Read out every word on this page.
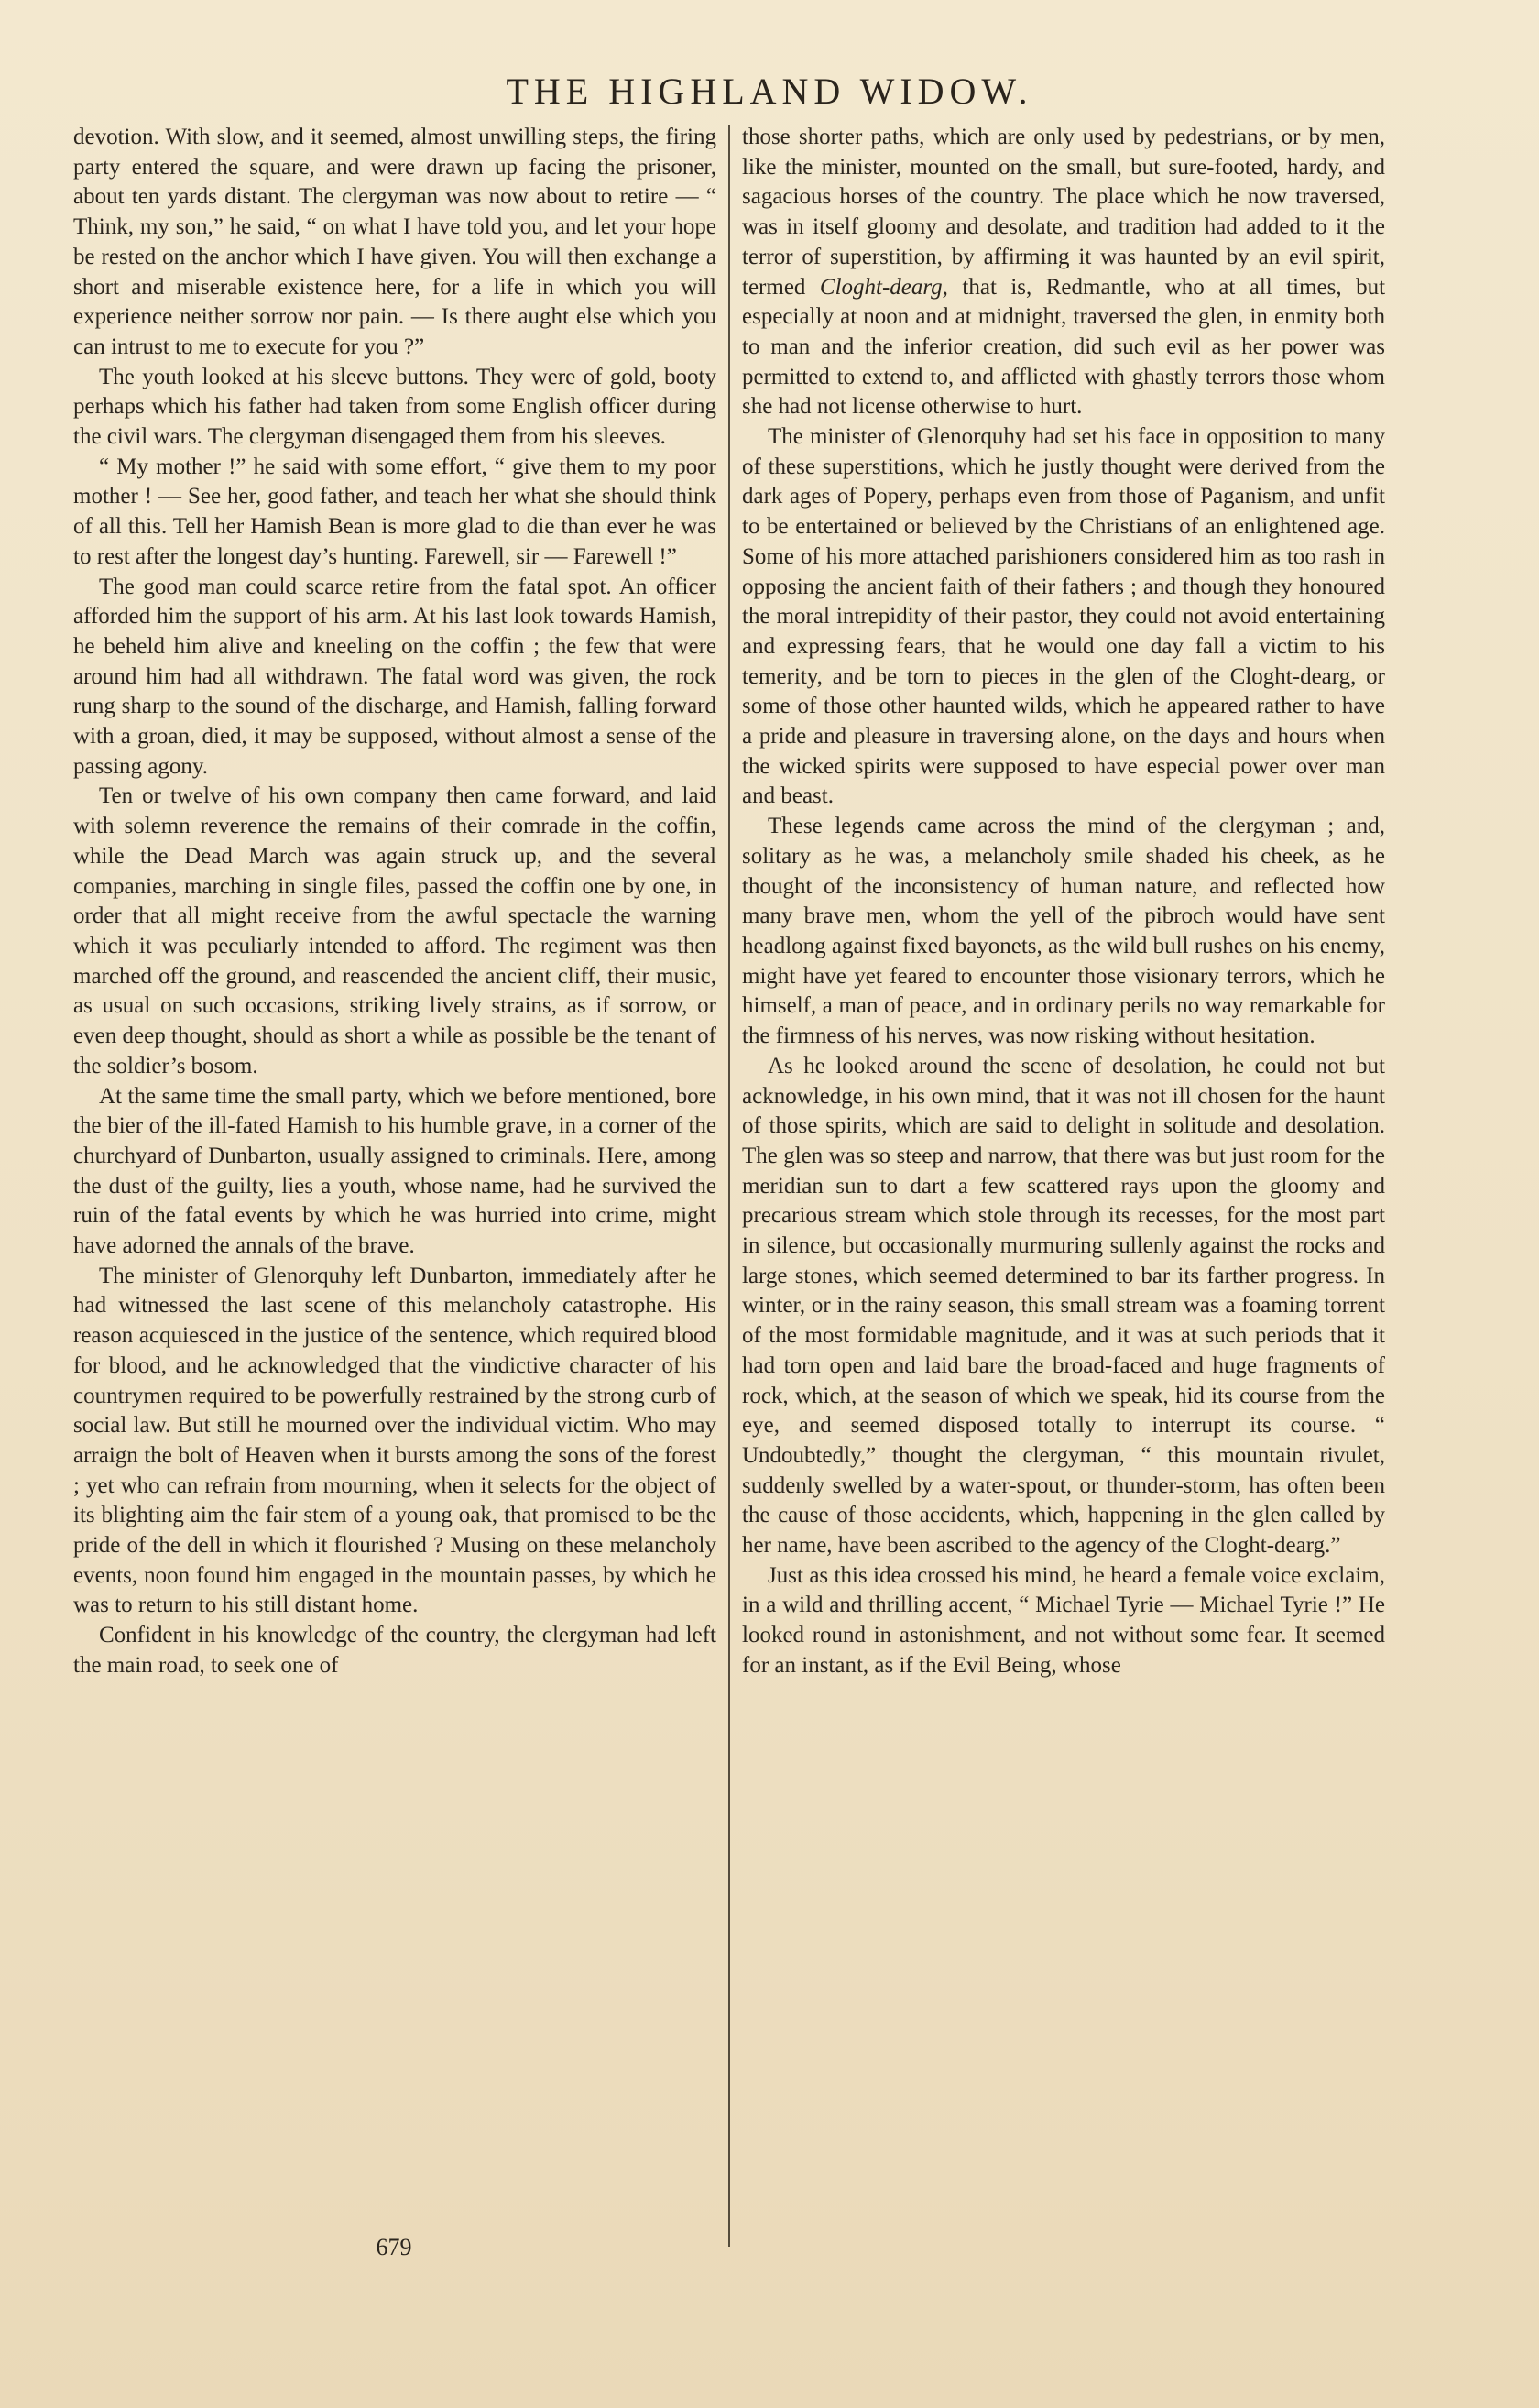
THE HIGHLAND WIDOW.

devotion. With slow, and it seemed, almost unwilling steps, the firing party entered the square, and were drawn up facing the prisoner, about ten yards distant. The clergyman was now about to retire — “ Think, my son,” he said, “ on what I have told you, and let your hope be rested on the anchor which I have given. You will then exchange a short and miserable existence here, for a life in which you will experience neither sorrow nor pain. — Is there aught else which you can intrust to me to execute for you ?”

The youth looked at his sleeve buttons. They were of gold, booty perhaps which his father had taken from some English officer during the civil wars. The clergyman disengaged them from his sleeves.

“ My mother !” he said with some effort, “ give them to my poor mother ! — See her, good father, and teach her what she should think of all this. Tell her Hamish Bean is more glad to die than ever he was to rest after the longest day’s hunting. Farewell, sir — Farewell !”

The good man could scarce retire from the fatal spot. An officer afforded him the support of his arm. At his last look towards Hamish, he beheld him alive and kneeling on the coffin ; the few that were around him had all withdrawn. The fatal word was given, the rock rung sharp to the sound of the discharge, and Hamish, falling forward with a groan, died, it may be supposed, without almost a sense of the passing agony.

Ten or twelve of his own company then came forward, and laid with solemn reverence the remains of their comrade in the coffin, while the Dead March was again struck up, and the several companies, marching in single files, passed the coffin one by one, in order that all might receive from the awful spectacle the warning which it was peculiarly intended to afford. The regiment was then marched off the ground, and reascended the ancient cliff, their music, as usual on such occasions, striking lively strains, as if sorrow, or even deep thought, should as short a while as possible be the tenant of the soldier’s bosom.

At the same time the small party, which we before mentioned, bore the bier of the ill-fated Hamish to his humble grave, in a corner of the churchyard of Dunbarton, usually assigned to criminals. Here, among the dust of the guilty, lies a youth, whose name, had he survived the ruin of the fatal events by which he was hurried into crime, might have adorned the annals of the brave.

The minister of Glenorquhy left Dunbarton, immediately after he had witnessed the last scene of this melancholy catastrophe. His reason acquiesced in the justice of the sentence, which required blood for blood, and he acknowledged that the vindictive character of his countrymen required to be powerfully restrained by the strong curb of social law. But still he mourned over the individual victim. Who may arraign the bolt of Heaven when it bursts among the sons of the forest ; yet who can refrain from mourning, when it selects for the object of its blighting aim the fair stem of a young oak, that promised to be the pride of the dell in which it flourished ? Musing on these melancholy events, noon found him engaged in the mountain passes, by which he was to return to his still distant home.

Confident in his knowledge of the country, the clergyman had left the main road, to seek one of

those shorter paths, which are only used by pedestrians, or by men, like the minister, mounted on the small, but sure-footed, hardy, and sagacious horses of the country. The place which he now traversed, was in itself gloomy and desolate, and tradition had added to it the terror of superstition, by affirming it was haunted by an evil spirit, termed Cloght-dearg, that is, Redmantle, who at all times, but especially at noon and at midnight, traversed the glen, in enmity both to man and the inferior creation, did such evil as her power was permitted to extend to, and afflicted with ghastly terrors those whom she had not license otherwise to hurt.

The minister of Glenorquhy had set his face in opposition to many of these superstitions, which he justly thought were derived from the dark ages of Popery, perhaps even from those of Paganism, and unfit to be entertained or believed by the Christians of an enlightened age. Some of his more attached parishioners considered him as too rash in opposing the ancient faith of their fathers ; and though they honoured the moral intrepidity of their pastor, they could not avoid entertaining and expressing fears, that he would one day fall a victim to his temerity, and be torn to pieces in the glen of the Cloght-dearg, or some of those other haunted wilds, which he appeared rather to have a pride and pleasure in traversing alone, on the days and hours when the wicked spirits were supposed to have especial power over man and beast.

These legends came across the mind of the clergyman ; and, solitary as he was, a melancholy smile shaded his cheek, as he thought of the inconsistency of human nature, and reflected how many brave men, whom the yell of the pibroch would have sent headlong against fixed bayonets, as the wild bull rushes on his enemy, might have yet feared to encounter those visionary terrors, which he himself, a man of peace, and in ordinary perils no way remarkable for the firmness of his nerves, was now risking without hesitation.

As he looked around the scene of desolation, he could not but acknowledge, in his own mind, that it was not ill chosen for the haunt of those spirits, which are said to delight in solitude and desolation. The glen was so steep and narrow, that there was but just room for the meridian sun to dart a few scattered rays upon the gloomy and precarious stream which stole through its recesses, for the most part in silence, but occasionally murmuring sullenly against the rocks and large stones, which seemed determined to bar its farther progress. In winter, or in the rainy season, this small stream was a foaming torrent of the most formidable magnitude, and it was at such periods that it had torn open and laid bare the broad-faced and huge fragments of rock, which, at the season of which we speak, hid its course from the eye, and seemed disposed totally to interrupt its course. “ Undoubtedly,” thought the clergyman, “ this mountain rivulet, suddenly swelled by a water-spout, or thunder-storm, has often been the cause of those accidents, which, happening in the glen called by her name, have been ascribed to the agency of the Cloght-dearg.”

Just as this idea crossed his mind, he heard a female voice exclaim, in a wild and thrilling accent, “ Michael Tyrie — Michael Tyrie !” He looked round in astonishment, and not without some fear. It seemed for an instant, as if the Evil Being, whose

679
